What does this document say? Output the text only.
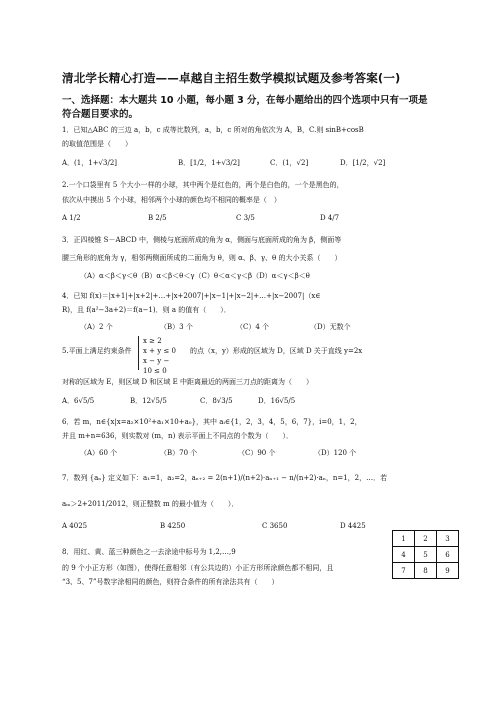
清北学长精心打造——卓越自主招生数学模拟试题及参考答案(一)
一、选择题：本大题共 10 小题，每小题 3 分，在每小题给出的四个选项中只有一项是符合题目要求的。
1．已知△ABC 的三边 a，b，c 成等比数列，a，b，c 所对的角依次为 A，B，C.则 sinB+cosB
的取值范围是（　　）
A．(1，1+√3/2]	B．[1/2，1+√3/2]	C．(1，√2]	D．[1/2，√2]
2.一个口袋里有 5 个大小一样的小球，其中两个是红色的，两个是白色的，一个是黑色的，
依次从中摸出 5 个小球，相邻两个小球的颜色均不相同的概率是（　）
A 1/2	B 2/5	C 3/5	D 4/7
3．正四棱锥 S－ABCD 中，侧棱与底面所成的角为 α，侧面与底面所成的角为 β，侧面等
腰三角形的底角为 γ，相邻两侧面所成的二面角为 θ，则 α、β、γ、θ 的大小关系（　　）
（A）α＜β＜γ＜θ（B）α＜β＜θ＜γ（C）θ＜α＜γ＜β（D）α＜γ＜β＜θ
4．已知 f(x)＝|x+1|+|x+2|+…+|x+2007|+|x−1|+|x−2|+…+|x−2007|（x∈
R)，且 f(a²−3a+2)＝f(a−1)．则 a 的值有（　　）．
（A）2 个	（B）3 个	（C）4 个	（D）无数个
5.平面上满足约束条件
x ≥ 2
x + y ≤ 0
x − y − 10 ≤ 0
的点（x，y）形成的区域为 D，区域 D 关于直线 y=2x
对称的区域为 E，则区域 D 和区域 E 中距离最近的两面三刀点的距离为（　　）
A．6√5/5	B．12√5/5	C．8√3/5	D．16√5/5
6．若 m，n∈{x|x=a₂×10²+a₁×10+a₀}，其中 aᵢ∈{1，2，3，4，5，6，7}，i=0，1，2，
并且 m+n=636，则实数对 (m，n) 表示平面上不同点的个数为（　　）．
（A）60 个	（B）70 个	（C）90 个	（D）120 个
7．数列 {aₙ} 定义如下：a₁=1，a₂=2，aₙ₊₂ = 2(n+1)/(n+2)·aₙ₊₁ − n/(n+2)·aₙ，n=1，2，…．若
aₘ＞2+2011/2012，则正整数 m 的最小值为（　　）．
A 4025	B 4250	C 3650	D 4425
8．用红、黄、蓝三种颜色之一去涂途中标号为 1,2,…,9
的 9 个小正方形（如图），使得任意相邻（有公共边的）小正方形所涂颜色都不相同，且
“3、5、7”号数字涂相同的颜色，则符合条件的所有涂法共有（　　）
1	2	3
4	5	6
7	8	9
